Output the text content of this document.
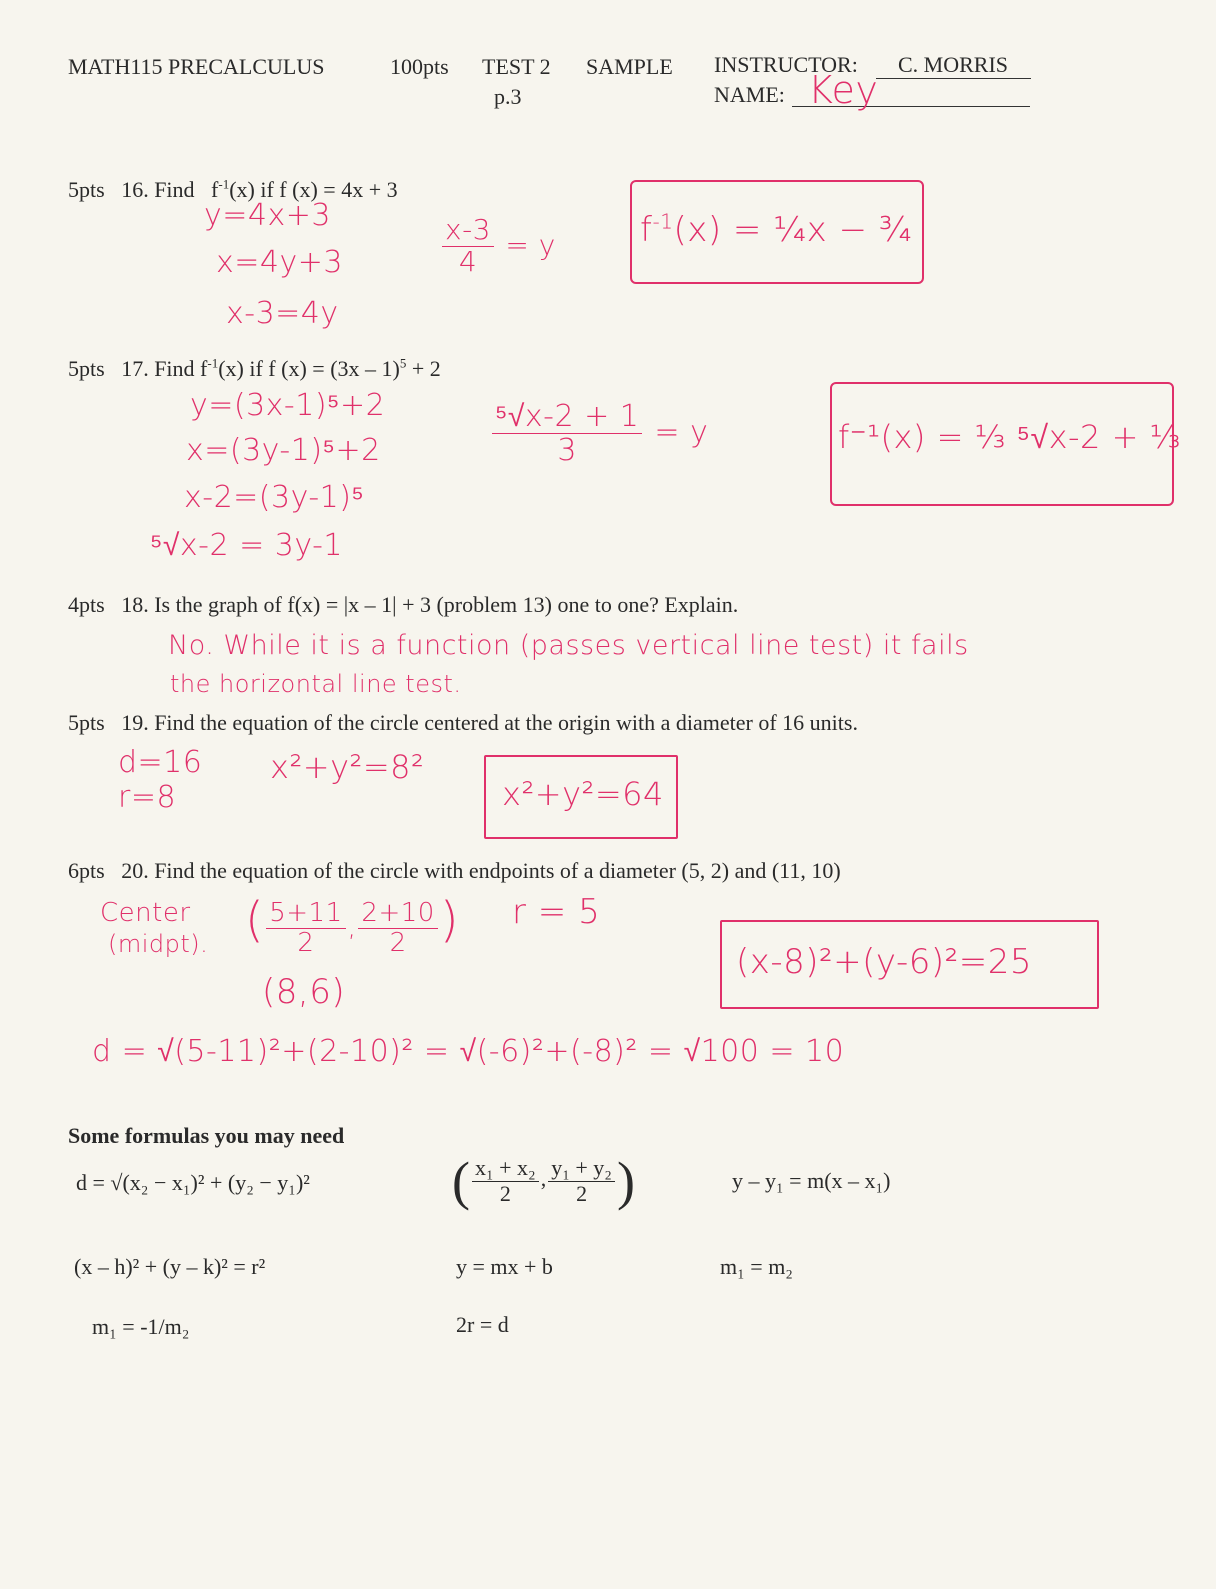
MATH115 PRECALCULUS	100pts TEST 2 SAMPLE
p.3
INSTRUCTOR:	C. MORRIS
NAME: Key
5pts 16. Find $f^{-1}(x)$ if f (x) = 4x + 3
y=4x+3
x=4y+3
x-3=4y
$\frac{x-3}{4} = y$ $f^{-1}(x)$ = ¼x − ¾
5pts 17. Find $f^{-1}(x)$ if f (x) = (3x – 1)$^5$ + 2
y=(3x-1)⁵+2
x=(3y-1)⁵+2
x-2=(3y-1)⁵
⁵√x-2 = 3y-1
$\frac{\text{⁵√x-2 + 1}}{3} = y$	f⁻¹(x) = ⅓ ⁵√x-2 + ⅓
4pts 18. Is the graph of f(x) = |x – 1| + 3 (problem 13) one to one? Explain.
No. While it is a function (passes vertical line test) it fails
the horizontal line test.
5pts 19. Find the equation of the circle centered at the origin with a diameter of 16 units.
d=16
r=8
x²+y²=8²
x²+y²=64
6pts 20. Find the equation of the circle with endpoints of a diameter (5, 2) and (11, 10)
Center
(midpt). ( $\frac{5+11}{2}$ , $\frac{2+10}{2}$ )
(8,6)
r = 5
(x-8)²+(y-6)²=25
d = √(5-11)²+(2-10)² = √(-6)²+(-8)² = √100 = 10
Some formulas you may need
d = √(x₂ − x₁)² + (y₂ − y₁)²	( $\frac{\text{x₁ + x₂}}{2}$ , $\frac{\text{y₁ + y₂}}{2}$ )	y – y₁ = m(x – x₁)
(x – h)² + (y – k)² = r²	y = mx + b	m₁ = m₂
m₁ = -1/m₂	2r = d
